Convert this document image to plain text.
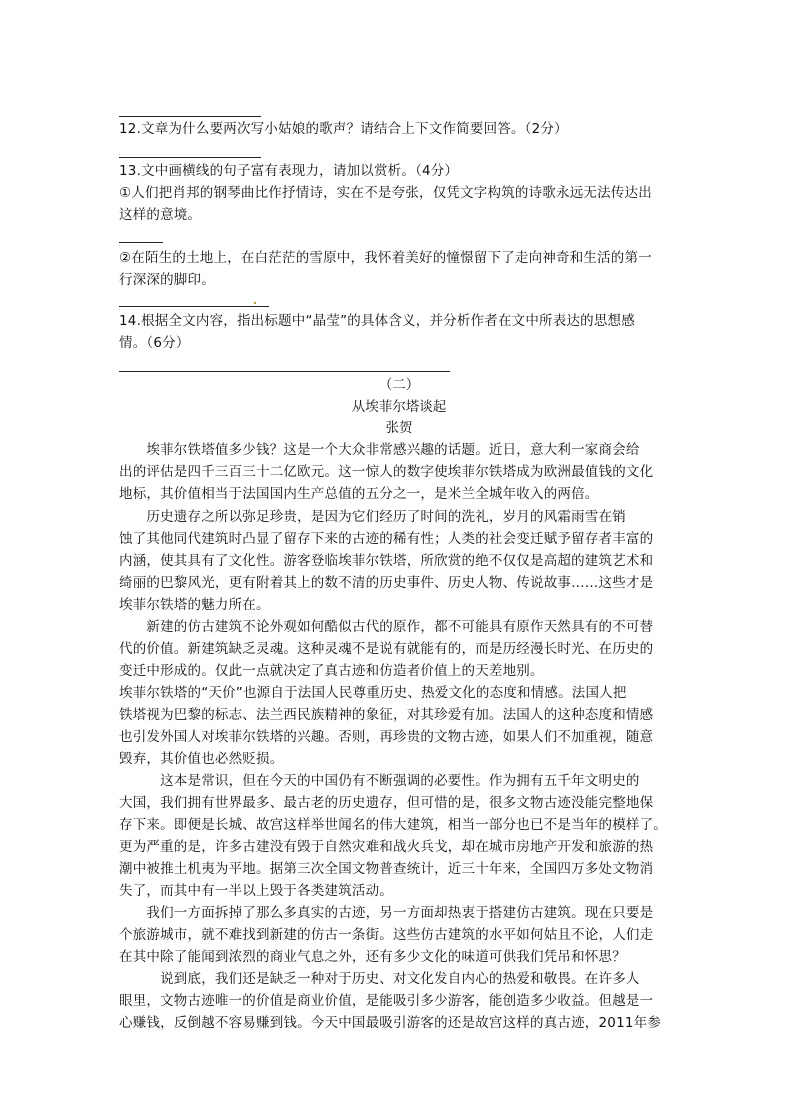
12.文章为什么要两次写小姑娘的歌声？请结合上下文作简要回答。（2分）
13.文中画横线的句子富有表现力，请加以赏析。（4分）
①人们把肖邦的钢琴曲比作抒情诗，实在不是夸张，仅凭文字构筑的诗歌永远无法传达出
这样的意境。
②在陌生的土地上，在白茫茫的雪原中，我怀着美好的憧憬留下了走向神奇和生活的第一
行深深的脚印。
14.根据全文内容，指出标题中“晶莹”的具体含义，并分析作者在文中所表达的思想感
情。（6分）
（二）
从埃菲尔塔谈起
张贺
　　埃菲尔铁塔值多少钱？这是一个大众非常感兴趣的话题。近日，意大利一家商会给
出的评估是四千三百三十二亿欧元。这一惊人的数字使埃菲尔铁塔成为欧洲最值钱的文化
地标，其价值相当于法国国内生产总值的五分之一，是米兰全城年收入的两倍。
　　历史遗存之所以弥足珍贵，是因为它们经历了时间的洗礼，岁月的风霜雨雪在销
蚀了其他同代建筑时凸显了留存下来的古迹的稀有性；人类的社会变迁赋予留存者丰富的
内涵，使其具有了文化性。游客登临埃菲尔铁塔，所欣赏的绝不仅仅是高超的建筑艺术和
绮丽的巴黎风光，更有附着其上的数不清的历史事件、历史人物、传说故事……这些才是
埃菲尔铁塔的魅力所在。
　　新建的仿古建筑不论外观如何酷似古代的原作，都不可能具有原作天然具有的不可替
代的价值。新建筑缺乏灵魂。这种灵魂不是说有就能有的，而是历经漫长时光、在历史的
变迁中形成的。仅此一点就决定了真古迹和仿造者价值上的天差地别。
埃菲尔铁塔的“天价”也源自于法国人民尊重历史、热爱文化的态度和情感。法国人把
铁塔视为巴黎的标志、法兰西民族精神的象征，对其珍爱有加。法国人的这种态度和情感
也引发外国人对埃菲尔铁塔的兴趣。否则，再珍贵的文物古迹，如果人们不加重视，随意
毁弃，其价值也必然贬损。
　　　这本是常识，但在今天的中国仍有不断强调的必要性。作为拥有五千年文明史的
大国，我们拥有世界最多、最古老的历史遗存，但可惜的是，很多文物古迹没能完整地保
存下来。即便是长城、故宫这样举世闻名的伟大建筑，相当一部分也已不是当年的模样了。
更为严重的是，许多古建没有毁于自然灾难和战火兵戈，却在城市房地产开发和旅游的热
潮中被推土机夷为平地。据第三次全国文物普查统计，近三十年来，全国四万多处文物消
失了，而其中有一半以上毁于各类建筑活动。
　　我们一方面拆掉了那么多真实的古迹，另一方面却热衷于搭建仿古建筑。现在只要是
个旅游城市，就不难找到新建的仿古一条街。这些仿古建筑的水平如何姑且不论，人们走
在其中除了能闻到浓烈的商业气息之外，还有多少文化的味道可供我们凭吊和怀思？
　　　说到底，我们还是缺乏一种对于历史、对文化发自内心的热爱和敬畏。在许多人
眼里，文物古迹唯一的价值是商业价值，是能吸引多少游客，能创造多少收益。但越是一
心赚钱，反倒越不容易赚到钱。今天中国最吸引游客的还是故宫这样的真古迹，2011年参
